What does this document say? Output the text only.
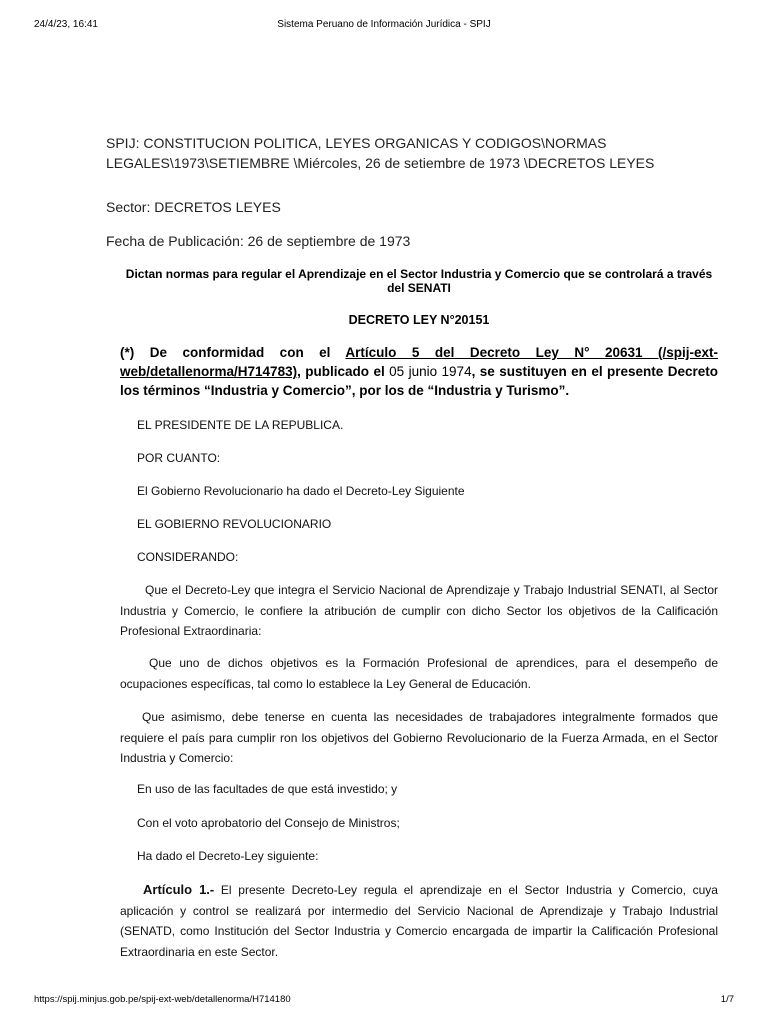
24/4/23, 16:41	Sistema Peruano de Información Jurídica - SPIJ
SPIJ: CONSTITUCION POLITICA, LEYES ORGANICAS Y CODIGOS\NORMAS LEGALES\1973\SETIEMBRE \Miércoles, 26 de setiembre de 1973 \DECRETOS LEYES
Sector: DECRETOS LEYES
Fecha de Publicación: 26 de septiembre de 1973
Dictan normas para regular el Aprendizaje en el Sector Industria y Comercio que se controlará a través del SENATI
DECRETO LEY N°20151
(*) De conformidad con el Artículo 5 del Decreto Ley N° 20631 (/spij-ext-web/detallenorma/H714783), publicado el 05 junio 1974, se sustituyen en el presente Decreto los términos “Industria y Comercio”, por los de “Industria y Turismo”.
EL PRESIDENTE DE LA REPUBLICA.
POR CUANTO:
El Gobierno Revolucionario ha dado el Decreto-Ley Siguiente
EL GOBIERNO REVOLUCIONARIO
CONSIDERANDO:
Que el Decreto-Ley que integra el Servicio Nacional de Aprendizaje y Trabajo Industrial SENATI, al Sector Industria y Comercio, le confiere la atribución de cumplir con dicho Sector los objetivos de la Calificación Profesional Extraordinaria:
Que uno de dichos objetivos es la Formación Profesional de aprendices, para el desempeño de ocupaciones específicas, tal como lo establece la Ley General de Educación.
Que asimismo, debe tenerse en cuenta las necesidades de trabajadores integralmente formados que requiere el país para cumplir ron los objetivos del Gobierno Revolucionario de la Fuerza Armada, en el Sector Industria y Comercio:
En uso de las facultades de que está investido; y
Con el voto aprobatorio del Consejo de Ministros;
Ha dado el Decreto-Ley siguiente:
Artículo 1.- El presente Decreto-Ley regula el aprendizaje en el Sector Industria y Comercio, cuya aplicación y control se realizará por intermedio del Servicio Nacional de Aprendizaje y Trabajo Industrial (SENATD, como Institución del Sector Industria y Comercio encargada de impartir la Calificación Profesional Extraordinaria en este Sector.
https://spij.minjus.gob.pe/spij-ext-web/detallenorma/H714180	1/7
